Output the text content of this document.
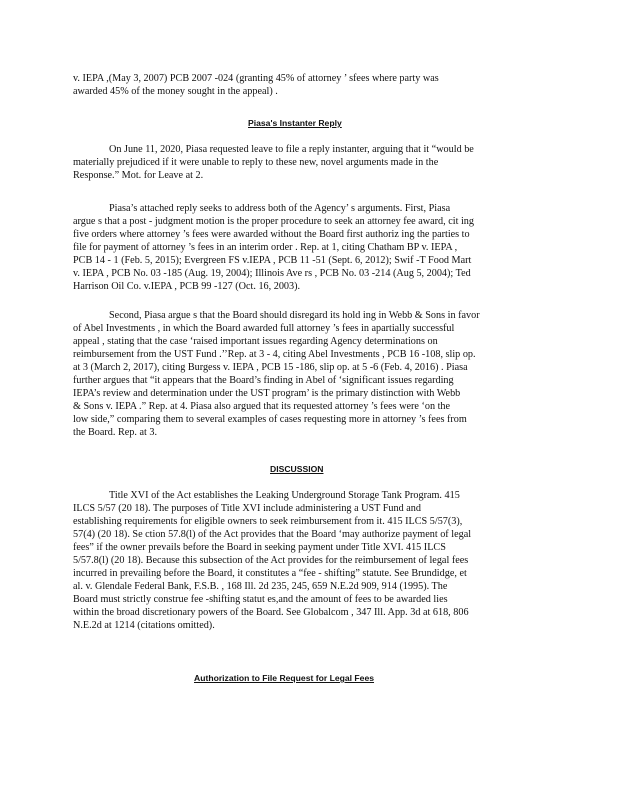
v. IEPA ,(May 3, 2007) PCB 2007 -024 (granting 45% of attorney ’ sfees where party was
awarded 45% of the money sought in the appeal) .

Piasa's Instanter Reply

On June 11, 2020, Piasa requested leave to file a reply instanter, arguing that it “would be
materially prejudiced if it were unable to reply to these new, novel arguments made in the
Response.” Mot. for Leave at 2.
Piasa’s attached reply seeks to address both of the Agency’ s arguments. First, Piasa
argue s that a post - judgment motion is the proper procedure to seek an attorney fee award, cit ing
five orders where attorney ’s fees were awarded without the Board first authoriz ing the parties to
file for payment of attorney ’s fees in an interim order . Rep. at 1, citing Chatham BP v. IEPA ,
PCB 14 - 1 (Feb. 5, 2015); Evergreen FS v.IEPA , PCB 11 -51 (Sept. 6, 2012); Swif -T Food Mart
v. IEPA , PCB No. 03 -185 (Aug. 19, 2004); Illinois Ave rs , PCB No. 03 -214 (Aug 5, 2004); Ted
Harrison Oil Co. v.IEPA , PCB 99 -127 (Oct. 16, 2003).
Second, Piasa argue s that the Board should disregard its hold ing in Webb & Sons in favor
of Abel Investments , in which the Board awarded full attorney ’s fees in apartially successful
appeal , stating that the case ‘raised important issues regarding Agency determinations on
reimbursement from the UST Fund .’’Rep. at 3 - 4, citing Abel Investments , PCB 16 -108, slip op.
at 3 (March 2, 2017), citing Burgess v. IEPA , PCB 15 -186, slip op. at 5 -6 (Feb. 4, 2016) . Piasa
further argues that “it appears that the Board’s finding in Abel of ‘significant issues regarding
IEPA’s review and determination under the UST program’ is the primary distinction with Webb
& Sons v. IEPA .” Rep. at 4. Piasa also argued that its requested attorney ’s fees were ‘on the
low side,” comparing them to several examples of cases requesting more in attorney ’s fees from
the Board. Rep. at 3.

DISCUSSION

Title XVI of the Act establishes the Leaking Underground Storage Tank Program. 415
ILCS 5/57 (20 18). The purposes of Title XVI include administering a UST Fund and
establishing requirements for eligible owners to seek reimbursement from it. 415 ILCS 5/57(3),
57(4) (20 18). Se ction 57.8(l) of the Act provides that the Board ‘may authorize payment of legal
fees” if the owner prevails before the Board in seeking payment under Title XVI. 415 ILCS
5/57.8(l) (20 18). Because this subsection of the Act provides for the reimbursement of legal fees
incurred in prevailing before the Board, it constitutes a “fee - shifting” statute. See Brundidge, et
al. v. Glendale Federal Bank, F.S.B. , 168 Ill. 2d 235, 245, 659 N.E.2d 909, 914 (1995). The
Board must strictly construe fee -shifting statut es,and the amount of fees to be awarded lies
within the broad discretionary powers of the Board. See Globalcom , 347 Ill. App. 3d at 618, 806
N.E.2d at 1214 (citations omitted).

Authorization to File Request for Legal Fees
